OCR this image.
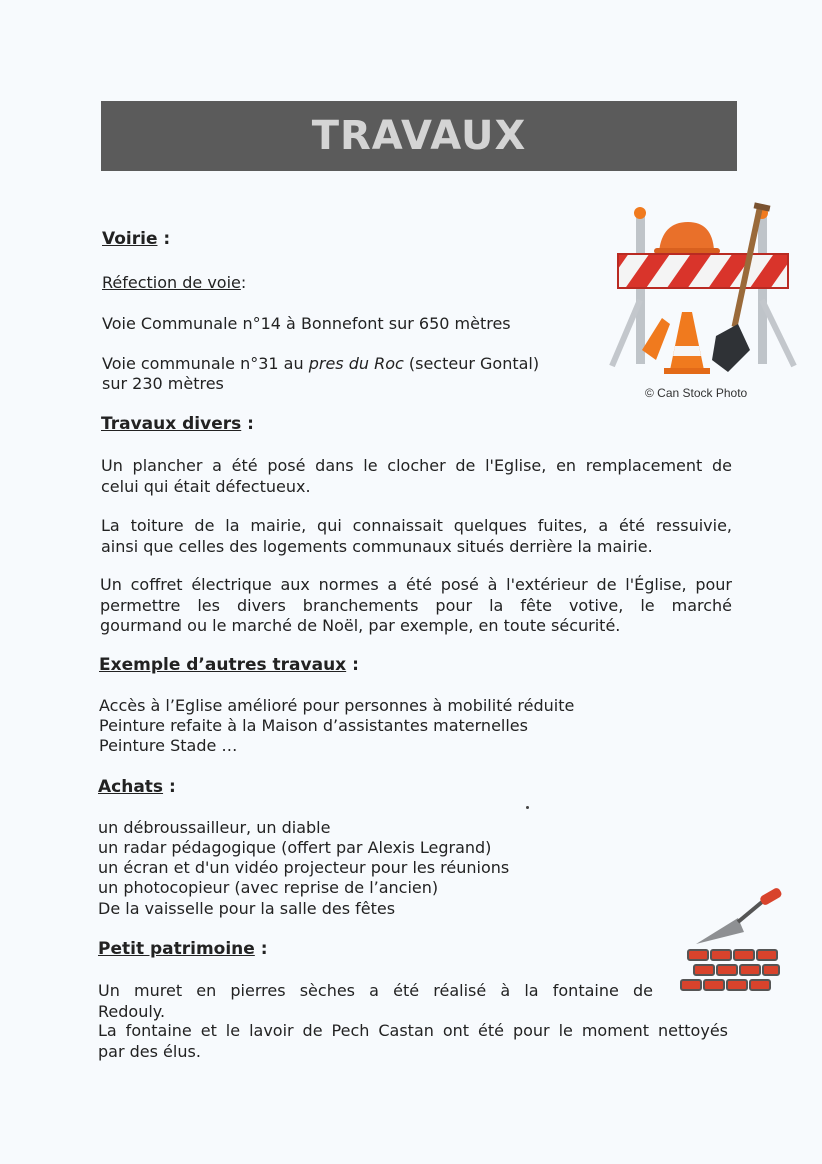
TRAVAUX
Voirie :
Réfection de voie:
Voie Communale n°14 à Bonnefont sur 650 mètres
Voie communale n°31 au pres du Roc (secteur Gontal)
sur 230 mètres	© Can Stock Photo
Travaux divers :
Un plancher a été posé dans le clocher de l'Eglise, en remplacement de
celui qui était défectueux.
La toiture de la mairie, qui connaissait quelques fuites, a été ressuivie,
ainsi que celles des logements communaux situés derrière la mairie.
Un coffret électrique aux normes a été posé à l'extérieur de l'Église, pour
permettre les divers branchements pour la fête votive, le marché
gourmand ou le marché de Noël, par exemple, en toute sécurité.
Exemple d’autres travaux :
Accès à l’Eglise amélioré pour personnes à mobilité réduite
Peinture refaite à la Maison d’assistantes maternelles
Peinture Stade …
Achats :
un débroussailleur, un diable
un radar pédagogique (offert par Alexis Legrand)
un écran et d'un vidéo projecteur pour les réunions
un photocopieur (avec reprise de l’ancien)
De la vaisselle pour la salle des fêtes
Petit patrimoine :
Un muret en pierres sèches a été réalisé à la fontaine de
Redouly.
La fontaine et le lavoir de Pech Castan ont été pour le moment nettoyés
par des élus.
